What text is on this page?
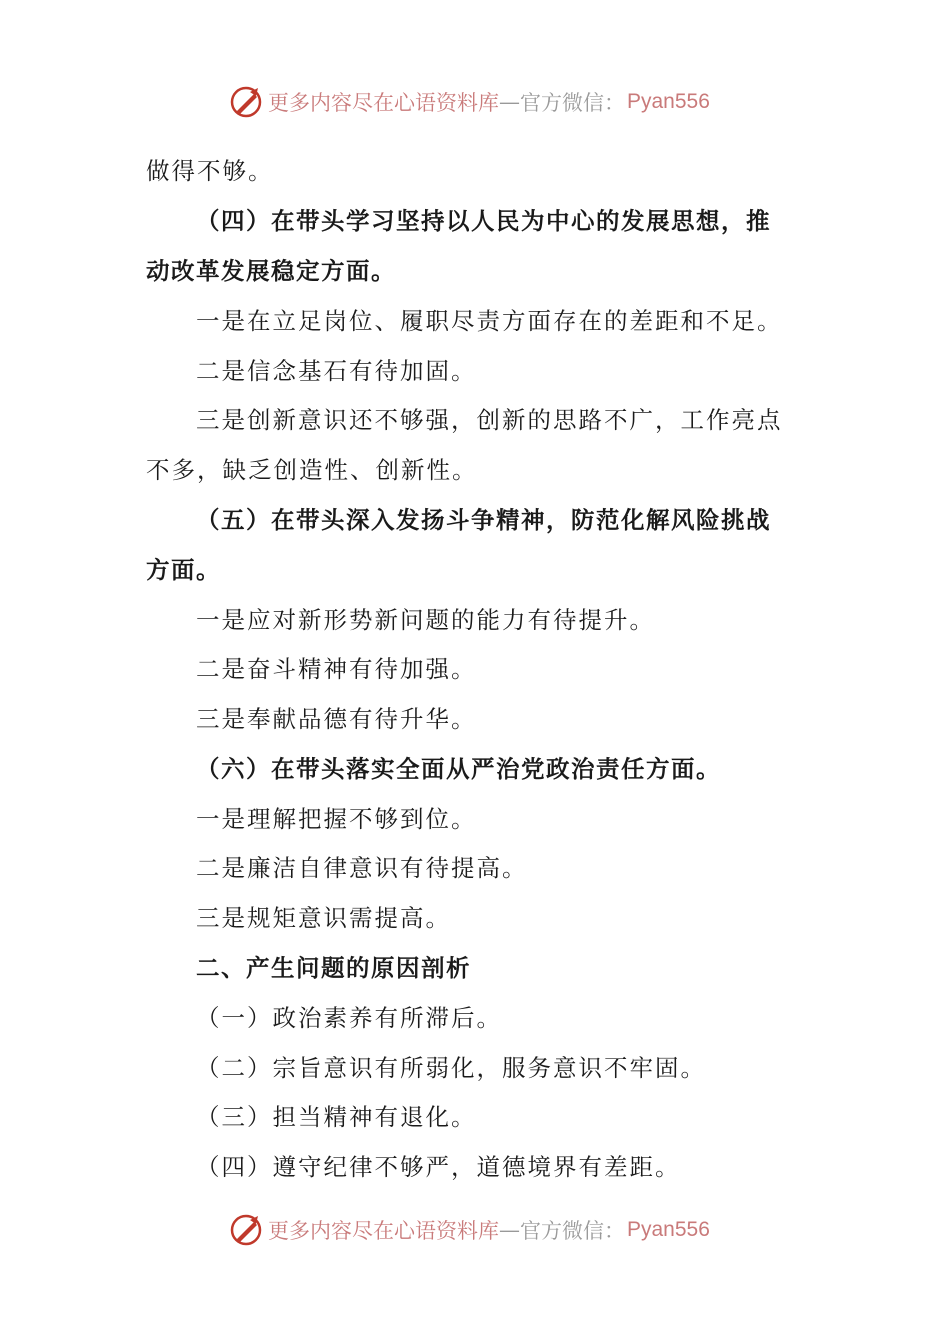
更多内容尽在心语资料库 — 官方微信： Pyan556
做得不够。
（四）在带头学习坚持以人民为中心的发展思想，推
动改革发展稳定方面。
一是在立足岗位、履职尽责方面存在的差距和不足。
二是信念基石有待加固。
三是创新意识还不够强，创新的思路不广，工作亮点
不多，缺乏创造性、创新性。
（五）在带头深入发扬斗争精神，防范化解风险挑战
方面。
一是应对新形势新问题的能力有待提升。
二是奋斗精神有待加强。
三是奉献品德有待升华。
（六）在带头落实全面从严治党政治责任方面。
一是理解把握不够到位。
二是廉洁自律意识有待提高。
三是规矩意识需提高。
二、产生问题的原因剖析
（一）政治素养有所滞后。
（二）宗旨意识有所弱化，服务意识不牢固。
（三）担当精神有退化。
（四）遵守纪律不够严，道德境界有差距。
更多内容尽在心语资料库 — 官方微信： Pyan556
